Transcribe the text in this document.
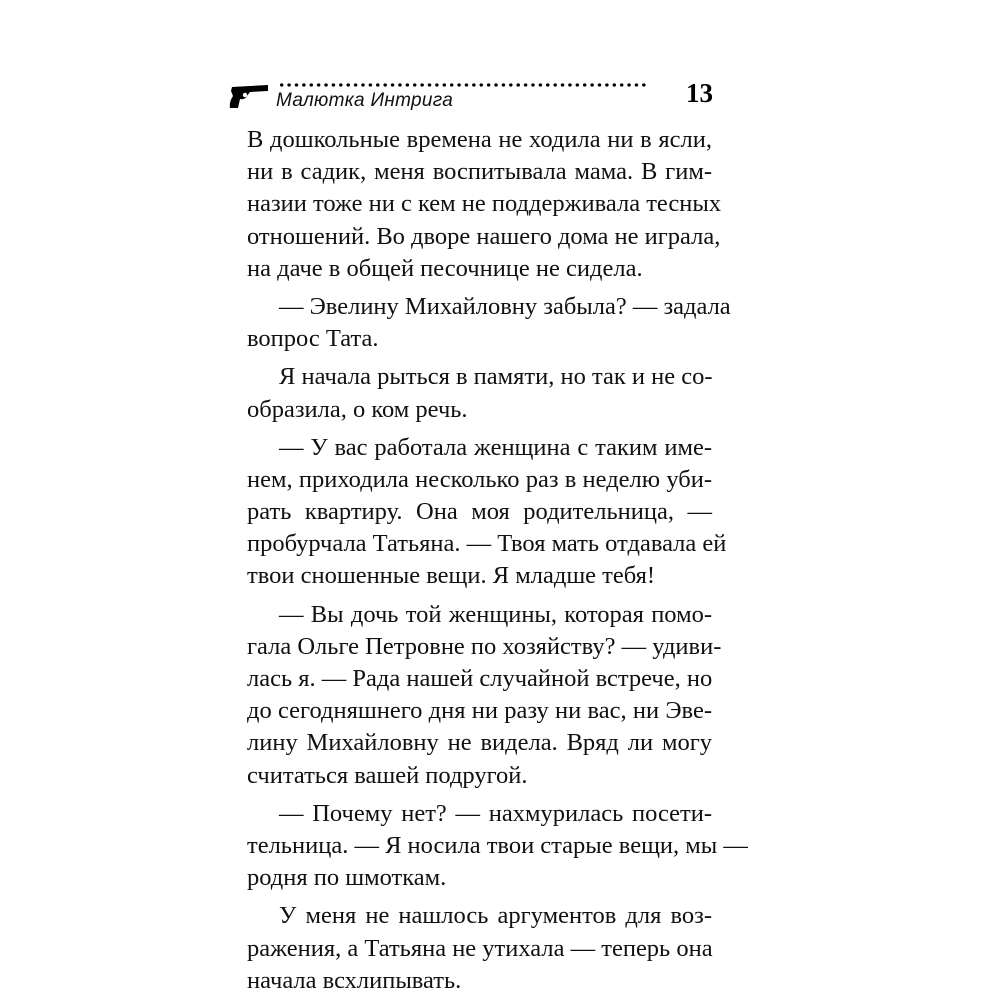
Малютка Интрига	13
В дошкольные времена не ходила ни в ясли,
ни в садик, меня воспитывала мама. В гим-
назии тоже ни с кем не поддерживала тесных
отношений. Во дворе нашего дома не играла,
на даче в общей песочнице не сидела.
— Эвелину Михайловну забыла? — задала
вопрос Тата.
Я начала рыться в памяти, но так и не со-
образила, о ком речь.
— У вас работала женщина с таким име-
нем, приходила несколько раз в неделю уби-
рать квартиру. Она моя родительница, —
пробурчала Татьяна. — Твоя мать отдавала ей
твои сношенные вещи. Я младше тебя!
— Вы дочь той женщины, которая помо-
гала Ольге Петровне по хозяйству? — удиви-
лась я. — Рада нашей случайной встрече, но
до сегодняшнего дня ни разу ни вас, ни Эве-
лину Михайловну не видела. Вряд ли могу
считаться вашей подругой.
— Почему нет? — нахмурилась посети-
тельница. — Я носила твои старые вещи, мы —
родня по шмоткам.
У меня не нашлось аргументов для воз-
ражения, а Татьяна не утихала — теперь она
начала всхлипывать.
